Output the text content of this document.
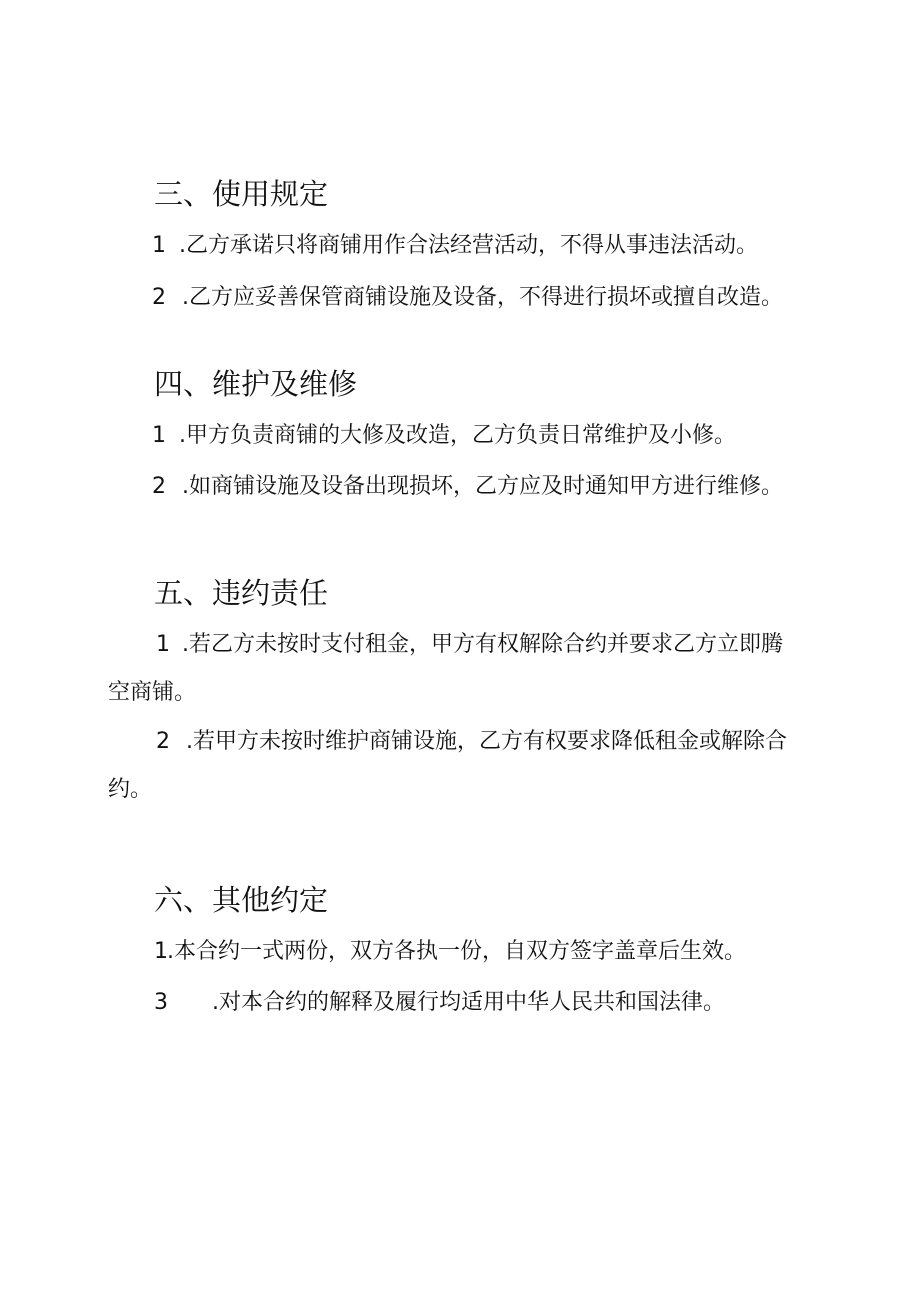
三、使用规定

1 .乙方承诺只将商铺用作合法经营活动，不得从事违法活动。

2 .乙方应妥善保管商铺设施及设备，不得进行损坏或擅自改造。

四、维护及维修

1 .甲方负责商铺的大修及改造，乙方负责日常维护及小修。

2 .如商铺设施及设备出现损坏，乙方应及时通知甲方进行维修。

五、违约责任
1 .若乙方未按时支付租金，甲方有权解除合约并要求乙方立即腾
空商铺。
2 .若甲方未按时维护商铺设施，乙方有权要求降低租金或解除合
约。
六、其他约定

1.本合约一式两份，双方各执一份，自双方签字盖章后生效。

3 .对本合约的解释及履行均适用中华人民共和国法律。
